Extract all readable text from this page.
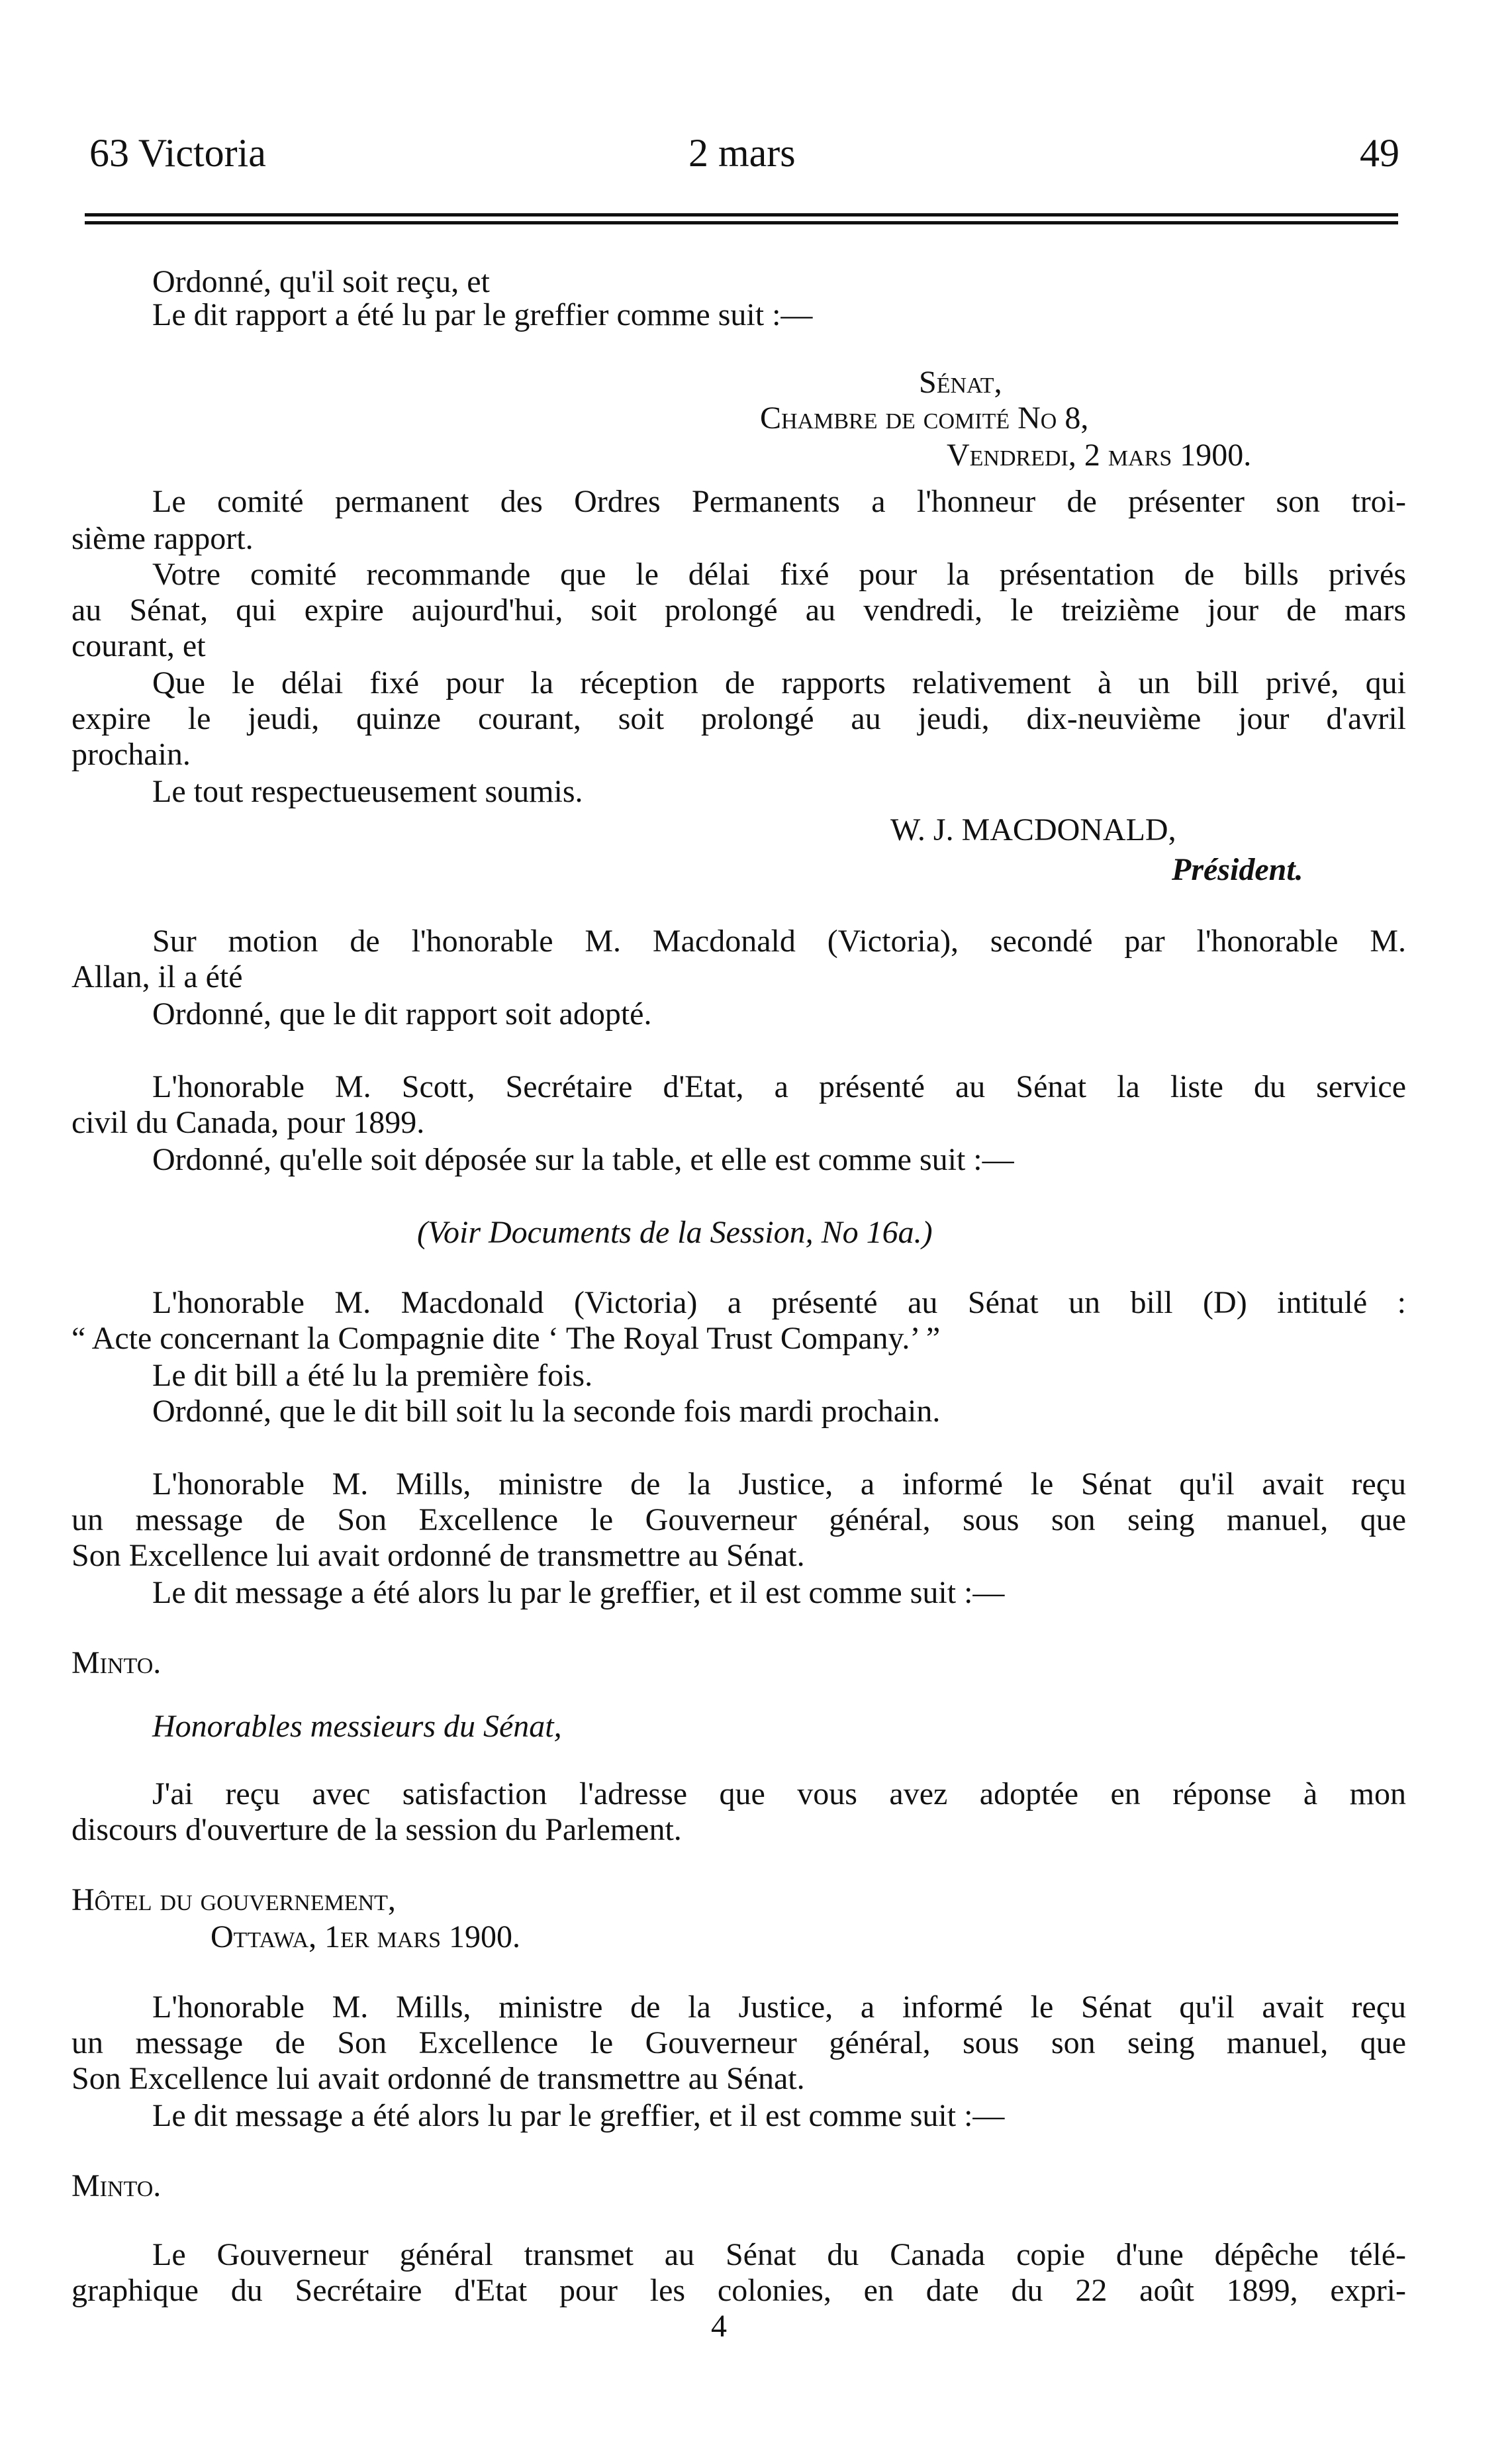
63 Victoria	2 mars	49
Ordonné, qu'il soit reçu, et
Le dit rapport a été lu par le greffier comme suit :—
Sénat,
Chambre de comité No 8,
Vendredi, 2 mars 1900.
Le comité permanent des Ordres Permanents a l'honneur de présenter son troi-
sième rapport.
Votre comité recommande que le délai fixé pour la présentation de bills privés
au Sénat, qui expire aujourd'hui, soit prolongé au vendredi, le treizième jour de mars
courant, et
Que le délai fixé pour la réception de rapports relativement à un bill privé, qui
expire le jeudi, quinze courant, soit prolongé au jeudi, dix-neuvième jour d'avril
prochain.
Le tout respectueusement soumis.
W. J. MACDONALD,
Président.
Sur motion de l'honorable M. Macdonald (Victoria), secondé par l'honorable M.
Allan, il a été
Ordonné, que le dit rapport soit adopté.
L'honorable M. Scott, Secrétaire d'Etat, a présenté au Sénat la liste du service
civil du Canada, pour 1899.
Ordonné, qu'elle soit déposée sur la table, et elle est comme suit :—
(Voir Documents de la Session, No 16a.)
L'honorable M. Macdonald (Victoria) a présenté au Sénat un bill (D) intitulé :
“ Acte concernant la Compagnie dite ‘ The Royal Trust Company.’ ”
Le dit bill a été lu la première fois.
Ordonné, que le dit bill soit lu la seconde fois mardi prochain.
L'honorable M. Mills, ministre de la Justice, a informé le Sénat qu'il avait reçu
un message de Son Excellence le Gouverneur général, sous son seing manuel, que
Son Excellence lui avait ordonné de transmettre au Sénat.
Le dit message a été alors lu par le greffier, et il est comme suit :—
Minto.
Honorables messieurs du Sénat,
J'ai reçu avec satisfaction l'adresse que vous avez adoptée en réponse à mon
discours d'ouverture de la session du Parlement.
Hôtel du gouvernement,
Ottawa, 1er mars 1900.
L'honorable M. Mills, ministre de la Justice, a informé le Sénat qu'il avait reçu
un message de Son Excellence le Gouverneur général, sous son seing manuel, que
Son Excellence lui avait ordonné de transmettre au Sénat.
Le dit message a été alors lu par le greffier, et il est comme suit :—
Minto.
Le Gouverneur général transmet au Sénat du Canada copie d'une dépêche télé-
graphique du Secrétaire d'Etat pour les colonies, en date du 22 août 1899, expri-
4
